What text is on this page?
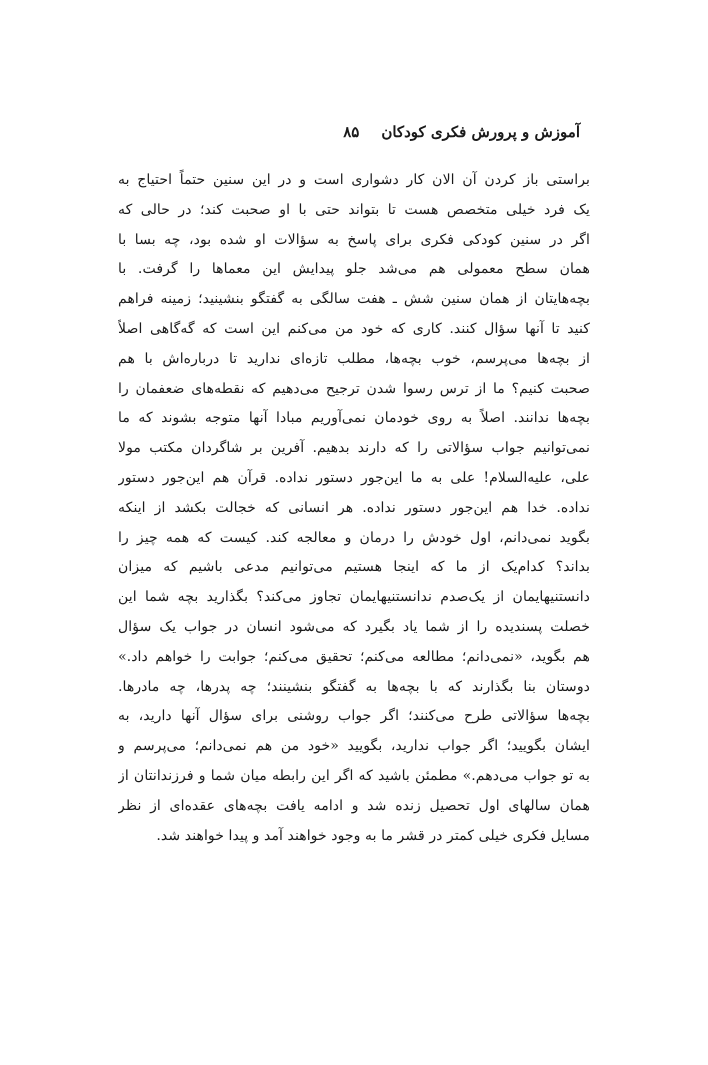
آموزش و پرورش فکری کودکان
۸۵
براستی باز کردن آن الان کار دشواری است و در این سنین حتماً احتیاج به
یک فرد خیلی متخصص هست تا بتواند حتی با او صحبت کند؛ در حالی که
اگر در سنین کودکی فکری برای پاسخ به سؤالات او شده بود، چه بسا با
همان سطح معمولی هم می‌شد جلو پیدایش این معماها را گرفت. با
بچه‌هایتان از همان سنین شش ـ هفت سالگی به گفتگو بنشینید؛ زمینه فراهم
کنید تا آنها سؤال کنند. کاری که خود من می‌کنم این است که گه‌گاهی اصلاً
از بچه‌ها می‌پرسم، خوب بچه‌ها، مطلب تازه‌ای ندارید تا درباره‌اش با هم
صحبت کنیم؟ ما از ترس رسوا شدن ترجیح می‌دهیم که نقطه‌های ضعفمان را
بچه‌ها ندانند. اصلاً به روی خودمان نمی‌آوریم مبادا آنها متوجه بشوند که ما
نمی‌توانیم جواب سؤالاتی را که دارند بدهیم. آفرین بر شاگردان مکتب مولا
علی، علیه‌السلام! علی به ما این‌جور دستور نداده. قرآن هم این‌جور دستور
نداده. خدا هم این‌جور دستور نداده. هر انسانی که خجالت بکشد از اینکه
بگوید نمی‌دانم، اول خودش را درمان و معالجه کند. کیست که همه چیز را
بداند؟ کدام‌یک از ما که اینجا هستیم می‌توانیم مدعی باشیم که میزان
دانستنیهایمان از یک‌صدم ندانستنیهایمان تجاوز می‌کند؟ بگذارید بچه شما این
خصلت پسندیده را از شما یاد بگیرد که می‌شود انسان در جواب یک سؤال
هم بگوید، «نمی‌دانم؛ مطالعه می‌کنم؛ تحقیق می‌کنم؛ جوابت را خواهم داد.»
دوستان بنا بگذارند که با بچه‌ها به گفتگو بنشینند؛ چه پدرها، چه مادرها.
بچه‌ها سؤالاتی طرح می‌کنند؛ اگر جواب روشنی برای سؤال آنها دارید، به
ایشان بگویید؛ اگر جواب ندارید، بگویید «خود من هم نمی‌دانم؛ می‌پرسم و
به تو جواب می‌دهم.» مطمئن باشید که اگر این رابطه میان شما و فرزندانتان از
همان سالهای اول تحصیل زنده شد و ادامه یافت بچه‌های عقده‌ای از نظر
مسایل فکری خیلی کمتر در قشر ما به وجود خواهند آمد و پیدا خواهند شد.
